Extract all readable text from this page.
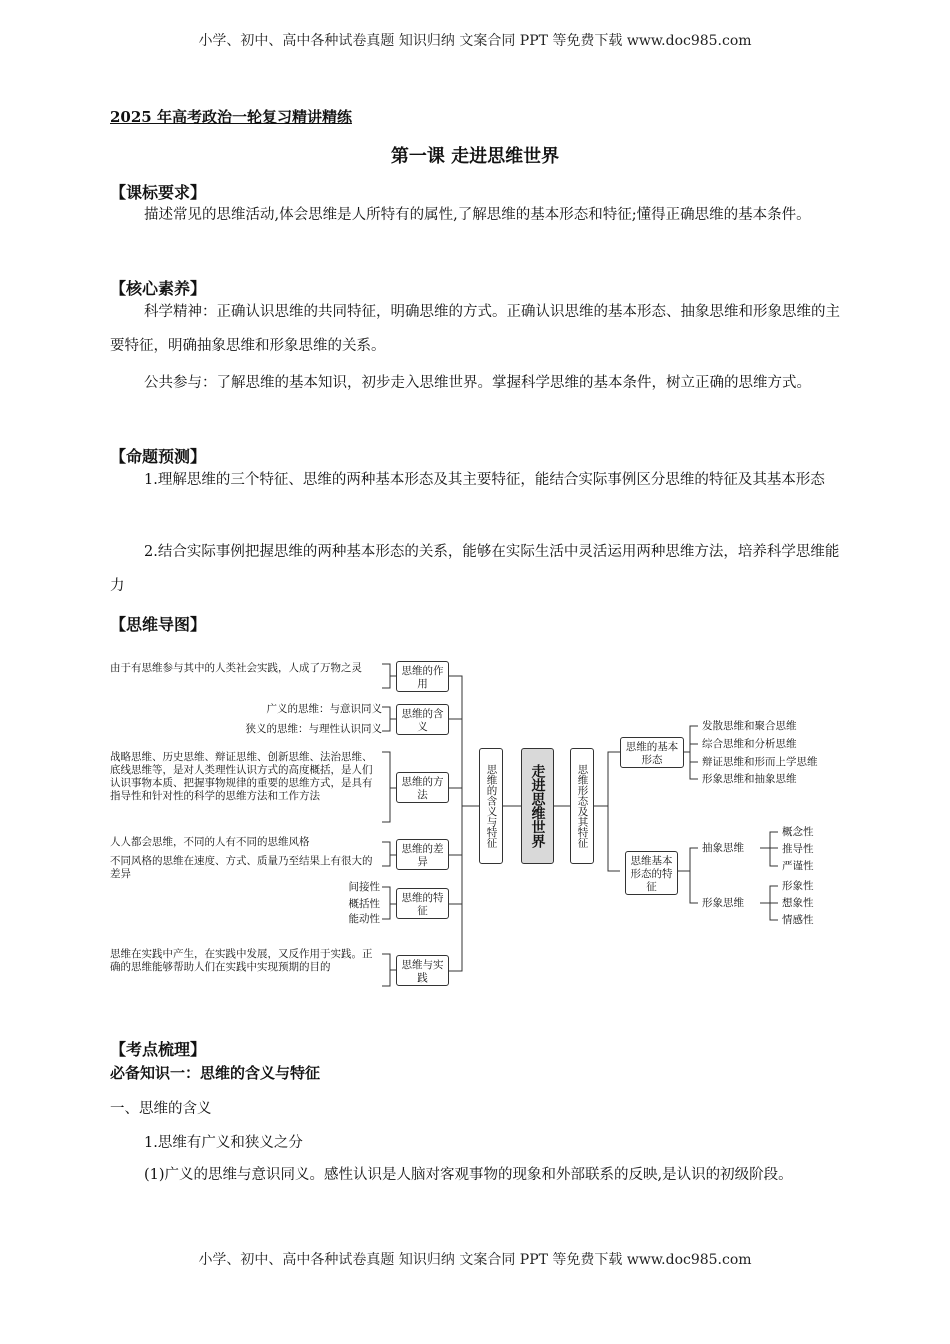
小学、初中、高中各种试卷真题 知识归纳 文案合同 PPT 等免费下载 www.doc985.com
2025 年高考政治一轮复习精讲精练
第一课 走进思维世界
【课标要求】
描述常见的思维活动,体会思维是人所特有的属性,了解思维的基本形态和特征;懂得正确思维的基本条件。
【核心素养】
科学精神：正确认识思维的共同特征，明确思维的方式。正确认识思维的基本形态、抽象思维和形象思维的主要特征，明确抽象思维和形象思维的关系。
公共参与：了解思维的基本知识，初步走入思维世界。掌握科学思维的基本条件，树立正确的思维方式。
【命题预测】
1.理解思维的三个特征、思维的两种基本形态及其主要特征，能结合实际事例区分思维的特征及其基本形态
2.结合实际事例把握思维的两种基本形态的关系，能够在实际生活中灵活运用两种思维方法，培养科学思维能力
【思维导图】
由于有思维参与其中的人类社会实践，人成了万物之灵	思维的作用
广义的思维：与意识同义
狭义的思维：与理性认识同义
思维的含义
战略思维、历史思维、辩证思维、创新思维、法治思维、底线思维等，是对人类理性认识方式的高度概括，是人们认识事物本质、把握事物规律的重要的思维方式，是具有指导性和针对性的科学的思维方法和工作方法
思维的方法
人人都会思维，不同的人有不同的思维风格
不同风格的思维在速度、方式、质量乃至结果上有很大的差异
思维的差异
间接性
概括性
能动性
思维的特征
思维在实践中产生，在实践中发展，又反作用于实践。正确的思维能够帮助人们在实践中实现预期的目的	思维与实践
思维的含义与特征 走进思维世界	思维形态及其特征
思维的基本形态
发散思维和聚合思维
综合思维和分析思维
辩证思维和形而上学思维
形象思维和抽象思维
思维基本形态的特征
抽象思维
概念性
推导性
严谨性
形象思维
形象性
想象性
情感性
【考点梳理】
必备知识一：思维的含义与特征
一、思维的含义
1.思维有广义和狭义之分
(1)广义的思维与意识同义。感性认识是人脑对客观事物的现象和外部联系的反映,是认识的初级阶段。
小学、初中、高中各种试卷真题 知识归纳 文案合同 PPT 等免费下载 www.doc985.com
